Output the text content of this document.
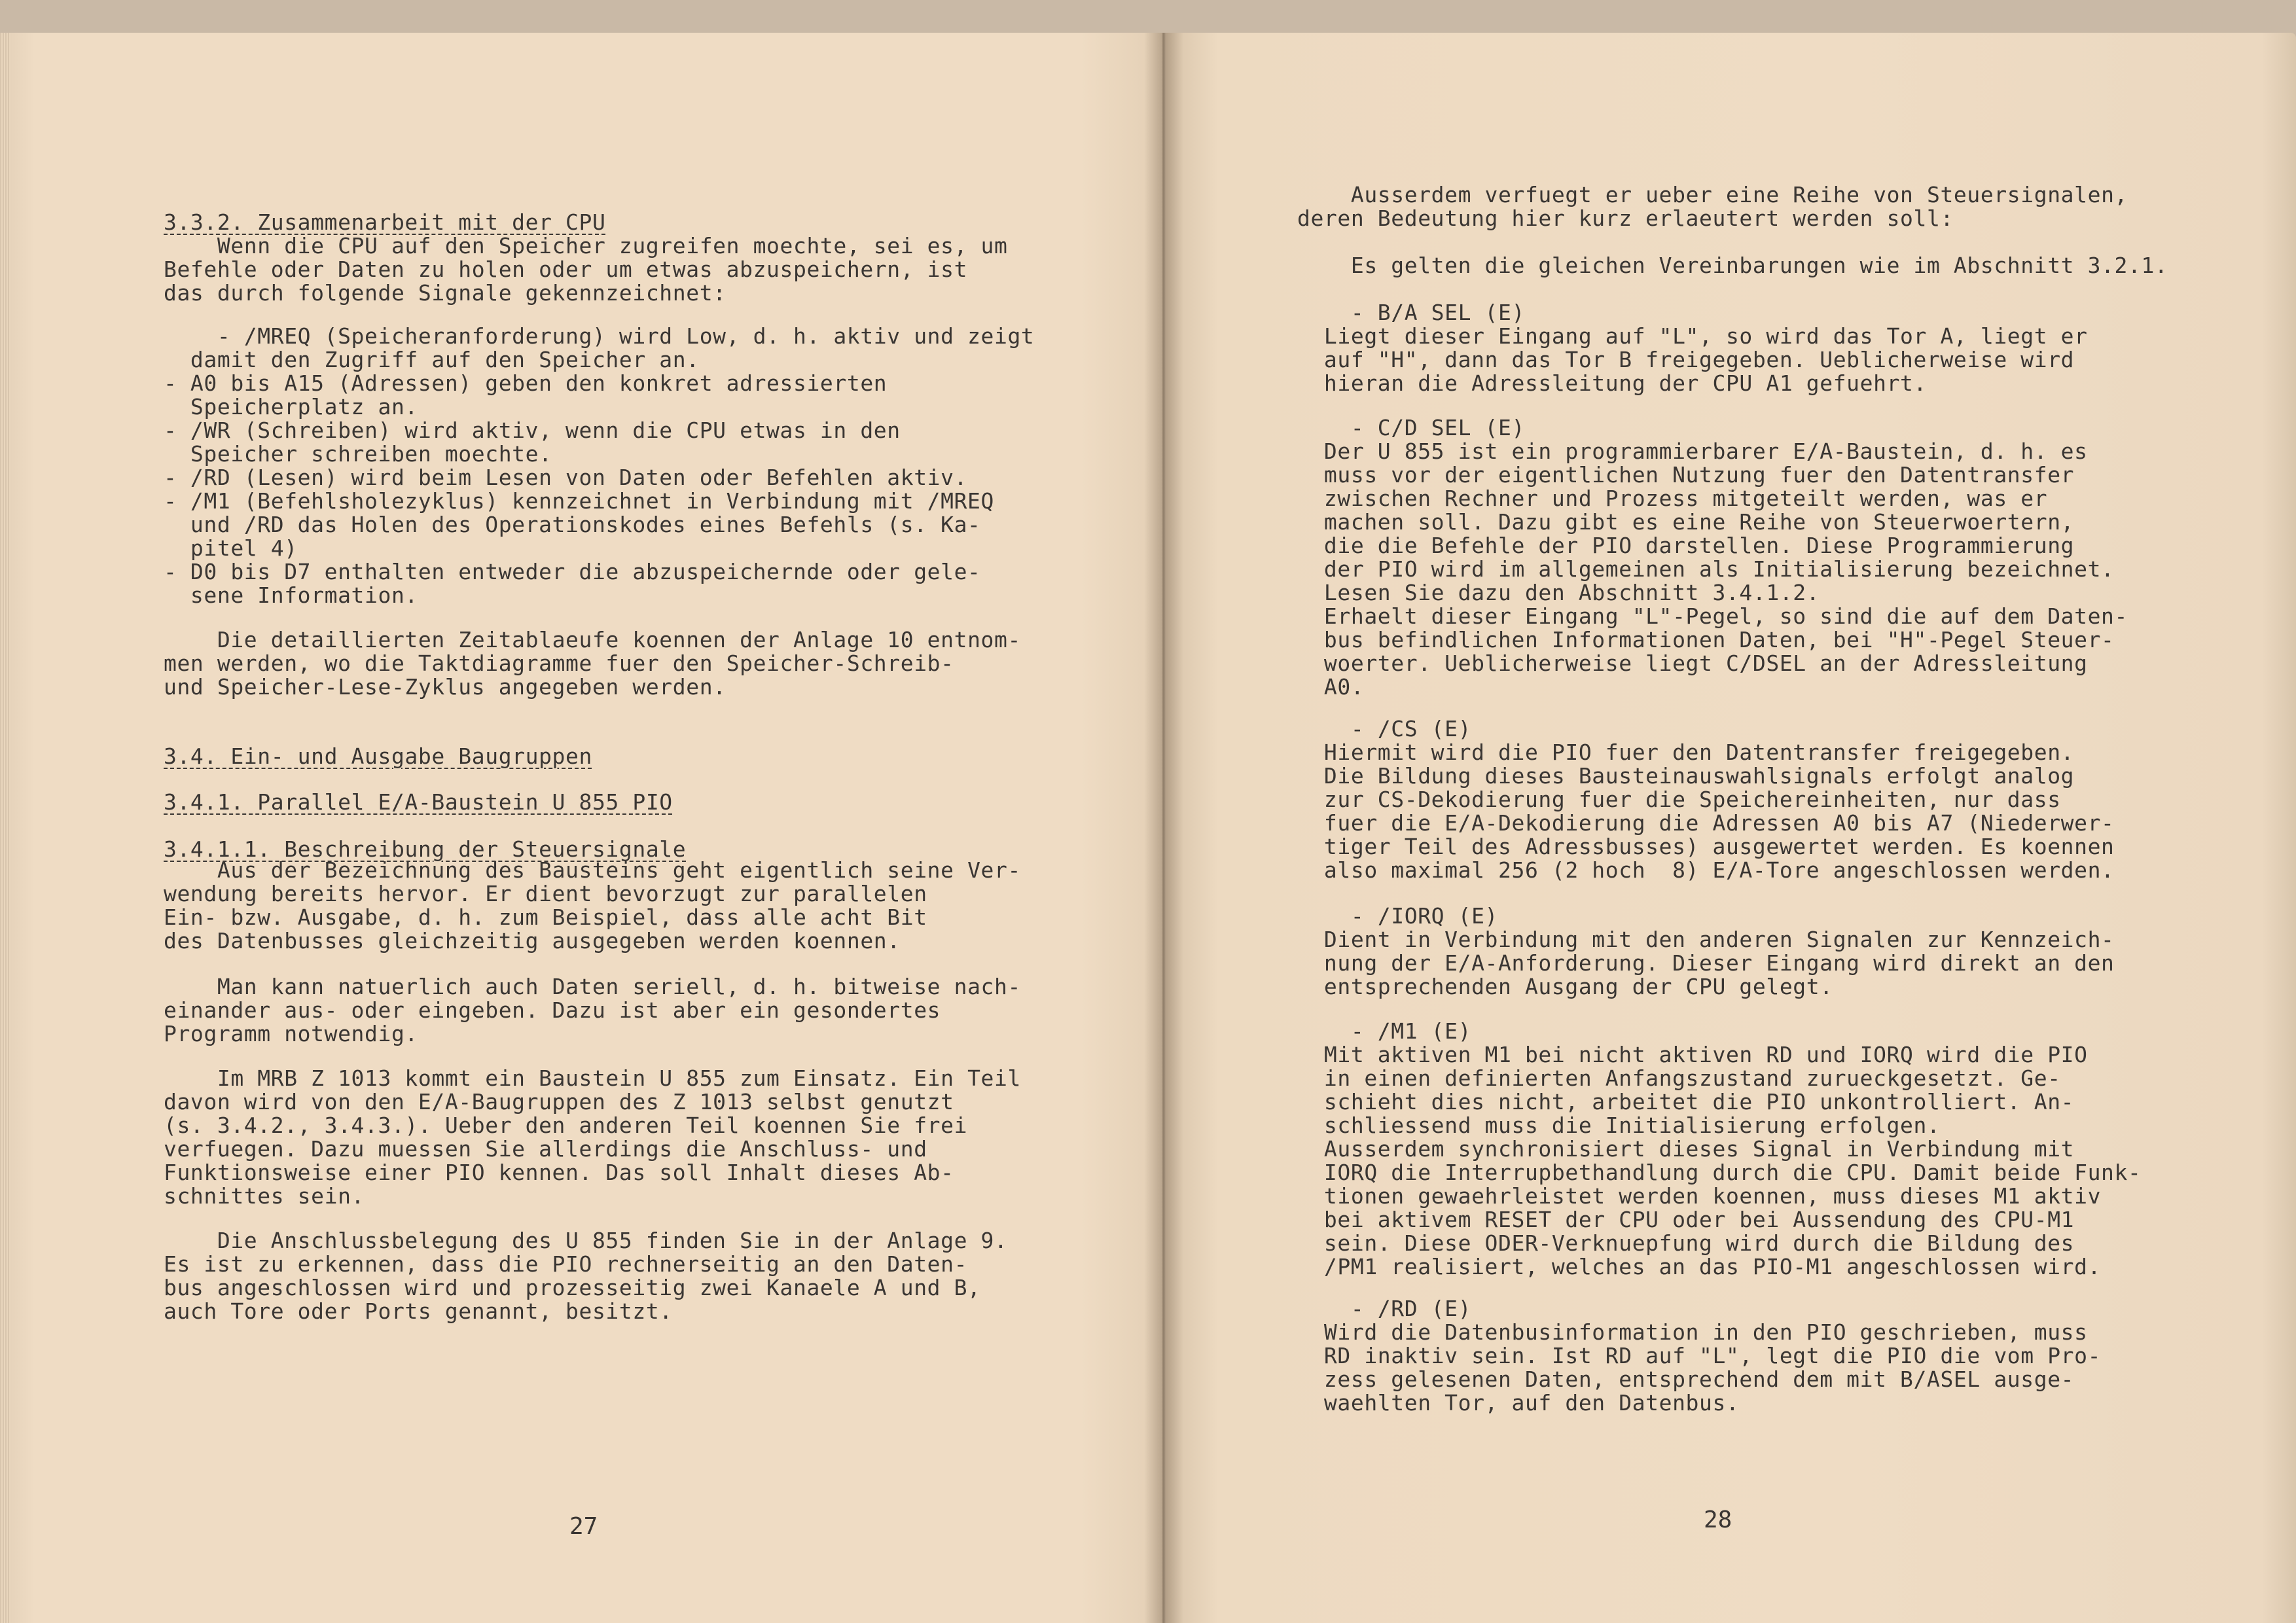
3.3.2. Zusammenarbeit mit der CPU

Wenn die CPU auf den Speicher zugreifen moechte, sei es, um
Befehle oder Daten zu holen oder um etwas abzuspeichern, ist
das durch folgende Signale gekennzeichnet:

- /MREQ (Speicheranforderung) wird Low, d. h. aktiv und zeigt
damit den Zugriff auf den Speicher an.
- A0 bis A15 (Adressen) geben den konkret adressierten
Speicherplatz an.
- /WR (Schreiben) wird aktiv, wenn die CPU etwas in den
Speicher schreiben moechte.
- /RD (Lesen) wird beim Lesen von Daten oder Befehlen aktiv.
- /M1 (Befehlsholezyklus) kennzeichnet in Verbindung mit /MREQ
und /RD das Holen des Operationskodes eines Befehls (s. Ka-
pitel 4)
- D0 bis D7 enthalten entweder die abzuspeichernde oder gele-
sene Information.

Die detaillierten Zeitablaeufe koennen der Anlage 10 entnom-
men werden, wo die Taktdiagramme fuer den Speicher-Schreib-
und Speicher-Lese-Zyklus angegeben werden.

3.4. Ein- und Ausgabe Baugruppen

3.4.1. Parallel E/A-Baustein U 855 PIO

3.4.1.1. Beschreibung der Steuersignale

Aus der Bezeichnung des Bausteins geht eigentlich seine Ver-
wendung bereits hervor. Er dient bevorzugt zur parallelen
Ein- bzw. Ausgabe, d. h. zum Beispiel, dass alle acht Bit
des Datenbusses gleichzeitig ausgegeben werden koennen.

Man kann natuerlich auch Daten seriell, d. h. bitweise nach-
einander aus- oder eingeben. Dazu ist aber ein gesondertes
Programm notwendig.

Im MRB Z 1013 kommt ein Baustein U 855 zum Einsatz. Ein Teil
davon wird von den E/A-Baugruppen des Z 1013 selbst genutzt
(s. 3.4.2., 3.4.3.). Ueber den anderen Teil koennen Sie frei
verfuegen. Dazu muessen Sie allerdings die Anschluss- und
Funktionsweise einer PIO kennen. Das soll Inhalt dieses Ab-
schnittes sein.

Die Anschlussbelegung des U 855 finden Sie in der Anlage 9.
Es ist zu erkennen, dass die PIO rechnerseitig an den Daten-
bus angeschlossen wird und prozesseitig zwei Kanaele A und B,
auch Tore oder Ports genannt, besitzt.

27

Ausserdem verfuegt er ueber eine Reihe von Steuersignalen,
deren Bedeutung hier kurz erlaeutert werden soll:

Es gelten die gleichen Vereinbarungen wie im Abschnitt 3.2.1.

- B/A SEL (E)
Liegt dieser Eingang auf "L", so wird das Tor A, liegt er
auf "H", dann das Tor B freigegeben. Ueblicherweise wird
hieran die Adressleitung der CPU A1 gefuehrt.

- C/D SEL (E)
Der U 855 ist ein programmierbarer E/A-Baustein, d. h. es
muss vor der eigentlichen Nutzung fuer den Datentransfer
zwischen Rechner und Prozess mitgeteilt werden, was er
machen soll. Dazu gibt es eine Reihe von Steuerwoertern,
die die Befehle der PIO darstellen. Diese Programmierung
der PIO wird im allgemeinen als Initialisierung bezeichnet.
Lesen Sie dazu den Abschnitt 3.4.1.2.
Erhaelt dieser Eingang "L"-Pegel, so sind die auf dem Daten-
bus befindlichen Informationen Daten, bei "H"-Pegel Steuer-
woerter. Ueblicherweise liegt C/DSEL an der Adressleitung
A0.

- /CS (E)
Hiermit wird die PIO fuer den Datentransfer freigegeben.
Die Bildung dieses Bausteinauswahlsignals erfolgt analog
zur CS-Dekodierung fuer die Speichereinheiten, nur dass
fuer die E/A-Dekodierung die Adressen A0 bis A7 (Niederwer-
tiger Teil des Adressbusses) ausgewertet werden. Es koennen
also maximal 256 (2 hoch  8) E/A-Tore angeschlossen werden.

- /IORQ (E)
Dient in Verbindung mit den anderen Signalen zur Kennzeich-
nung der E/A-Anforderung. Dieser Eingang wird direkt an den
entsprechenden Ausgang der CPU gelegt.

- /M1 (E)
Mit aktiven M1 bei nicht aktiven RD und IORQ wird die PIO
in einen definierten Anfangszustand zurueckgesetzt. Ge-
schieht dies nicht, arbeitet die PIO unkontrolliert. An-
schliessend muss die Initialisierung erfolgen.
Ausserdem synchronisiert dieses Signal in Verbindung mit
IORQ die Interrupbethandlung durch die CPU. Damit beide Funk-
tionen gewaehrleistet werden koennen, muss dieses M1 aktiv
bei aktivem RESET der CPU oder bei Aussendung des CPU-M1
sein. Diese ODER-Verknuepfung wird durch die Bildung des
/PM1 realisiert, welches an das PIO-M1 angeschlossen wird.

- /RD (E)
Wird die Datenbusinformation in den PIO geschrieben, muss
RD inaktiv sein. Ist RD auf "L", legt die PIO die vom Pro-
zess gelesenen Daten, entsprechend dem mit B/ASEL ausge-
waehlten Tor, auf den Datenbus.

28
